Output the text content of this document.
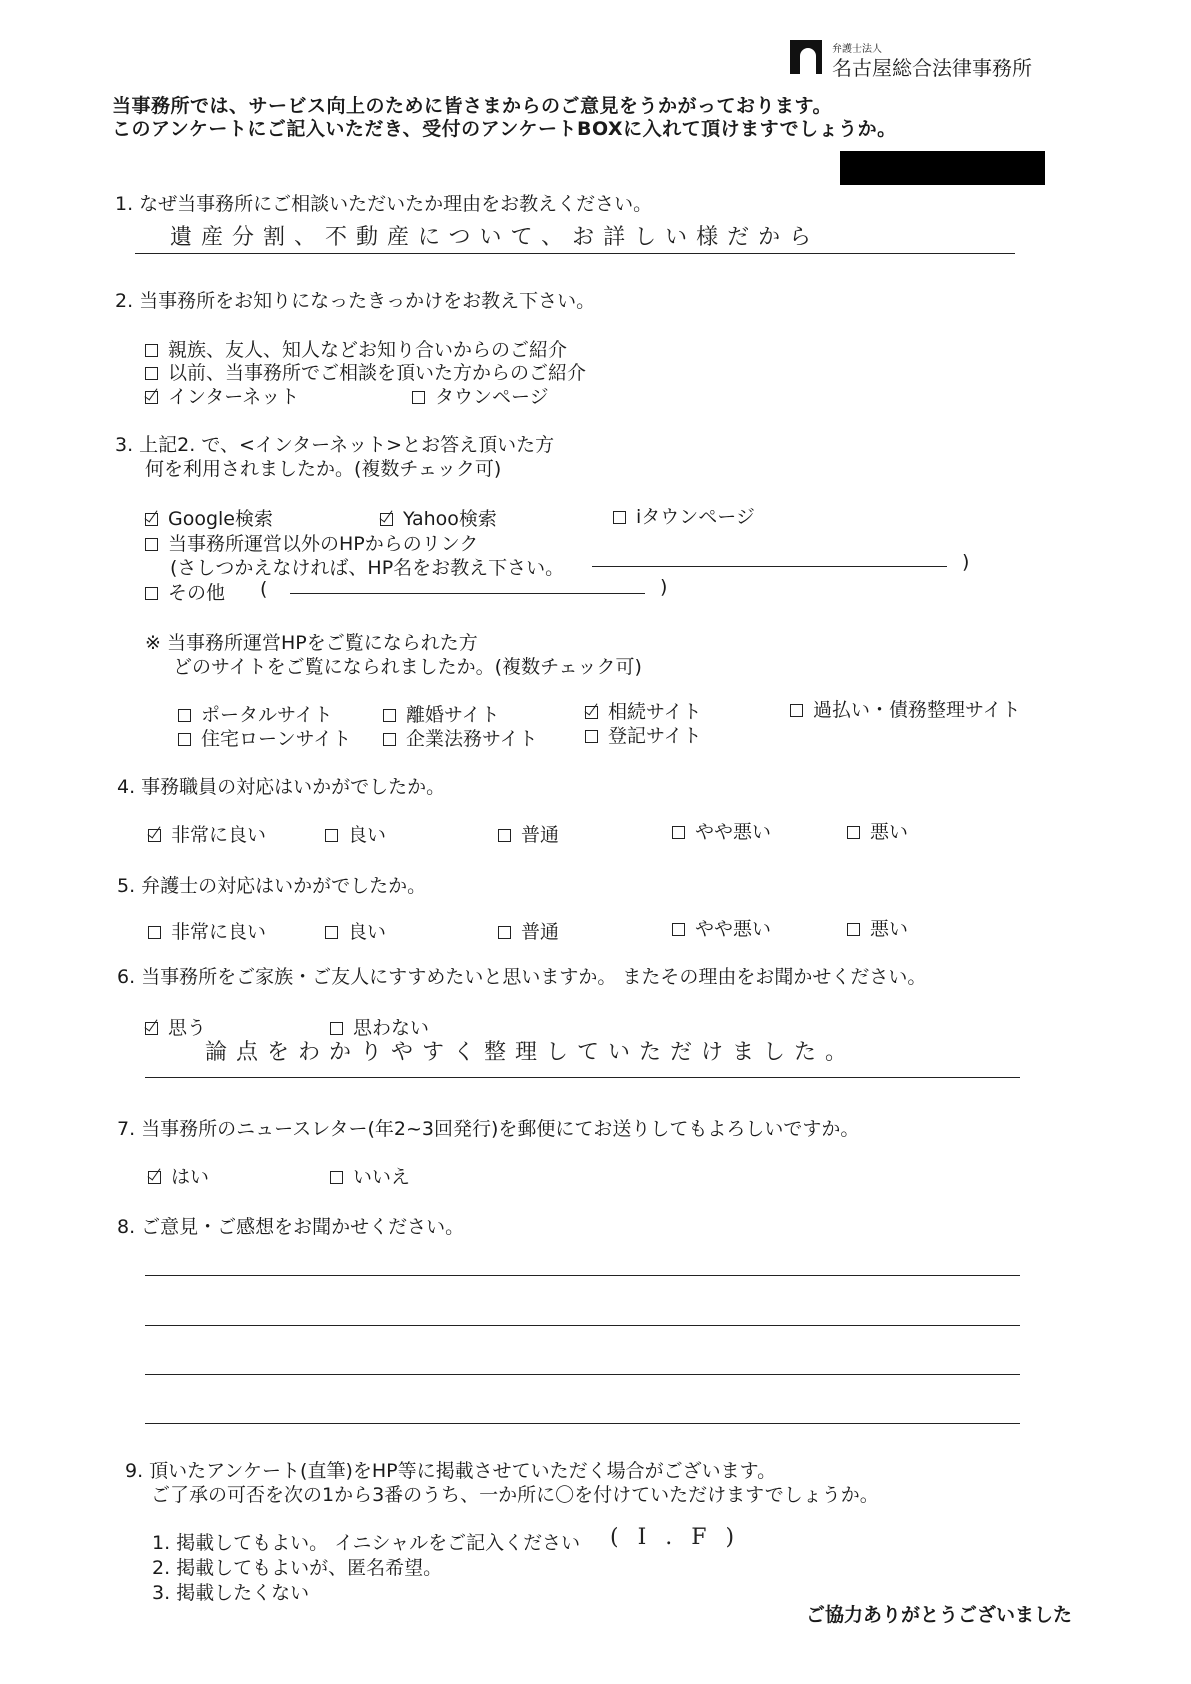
弁護士法人
名古屋総合法律事務所
当事務所では、サービス向上のために皆さまからのご意見をうかがっております。
このアンケートにご記入いただき、受付のアンケートBOXに入れて頂けますでしょうか。
1. なぜ当事務所にご相談いただいたか理由をお教えください。
遺産分割、不動産について、お詳しい様だから
2. 当事務所をお知りになったきっかけをお教え下さい。
親族、友人、知人などお知り合いからのご紹介
以前、当事務所でご相談を頂いた方からのご紹介
インターネット	タウンページ
3. 上記2. で、<インターネット>とお答え頂いた方
何を利用されましたか。(複数チェック可)
Google検索	Yahoo検索	iタウンページ
当事務所運営以外のHPからのリンク
(さしつかえなければ、HP名をお教え下さい。	)
その他 (	)
※ 当事務所運営HPをご覧になられた方
どのサイトをご覧になられましたか。(複数チェック可)
ポータルサイト	離婚サイト	相続サイト	過払い・債務整理サイト
住宅ローンサイト	企業法務サイト	登記サイト
4. 事務職員の対応はいかがでしたか。
非常に良い	良い	普通	やや悪い	悪い
5. 弁護士の対応はいかがでしたか。
非常に良い	良い	普通	やや悪い	悪い
6. 当事務所をご家族・ご友人にすすめたいと思いますか。 またその理由をお聞かせください。
思う	思わない
論点をわかりやすく整理していただけました。
7. 当事務所のニュースレター(年2~3回発行)を郵便にてお送りしてもよろしいですか。
はい	いいえ
8. ご意見・ご感想をお聞かせください。
9. 頂いたアンケート(直筆)をHP等に掲載させていただく場合がございます。
ご了承の可否を次の1から3番のうち、一か所に〇を付けていただけますでしょうか。
1. 掲載してもよい。 イニシャルをご記入ください ( I . F )
2. 掲載してもよいが、匿名希望。
3. 掲載したくない
ご協力ありがとうございました
